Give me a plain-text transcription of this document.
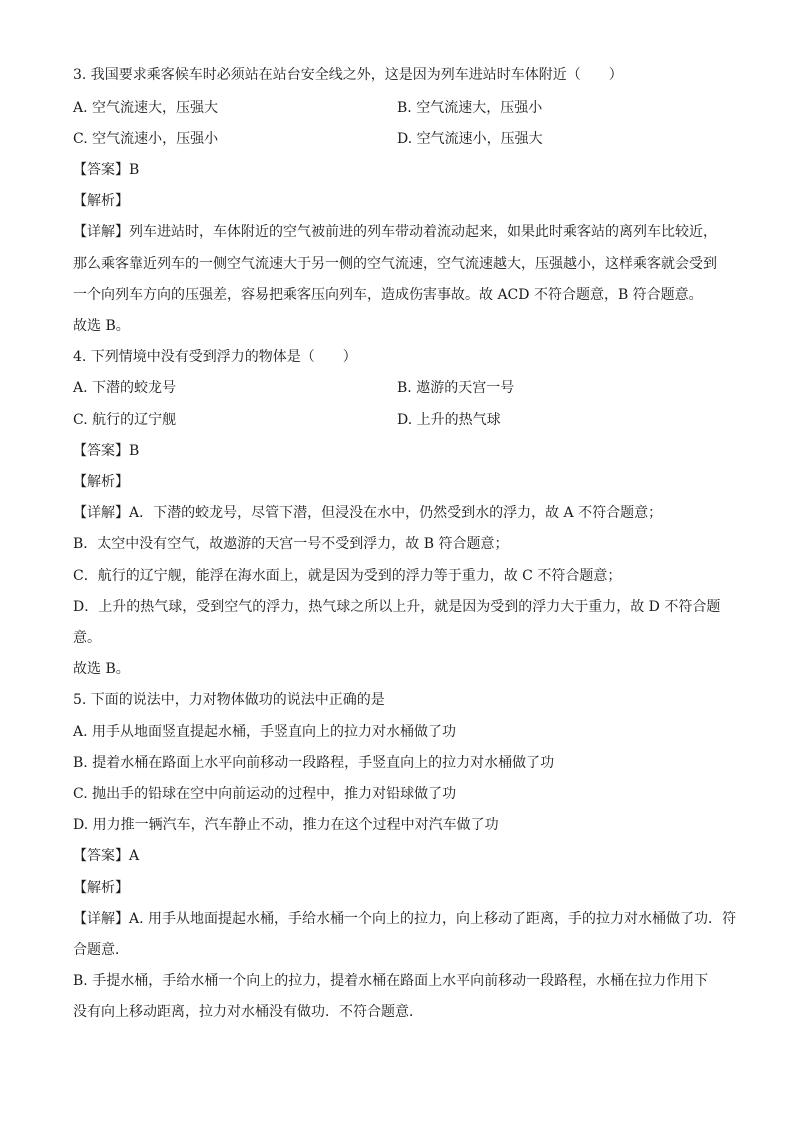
3. 我国要求乘客候车时必须站在站台安全线之外，这是因为列车进站时车体附近（　　）
A. 空气流速大，压强大	B. 空气流速大，压强小
C. 空气流速小，压强小	D. 空气流速小，压强大
【答案】B
【解析】
【详解】列车进站时，车体附近的空气被前进的列车带动着流动起来，如果此时乘客站的离列车比较近，
那么乘客靠近列车的一侧空气流速大于另一侧的空气流速，空气流速越大，压强越小，这样乘客就会受到
一个向列车方向的压强差，容易把乘客压向列车，造成伤害事故。故 ACD 不符合题意，B 符合题意。
故选 B。
4. 下列情境中没有受到浮力的物体是（　　）
A. 下潜的蛟龙号	B. 遨游的天宫一号
C. 航行的辽宁舰	D. 上升的热气球
【答案】B
【解析】
【详解】A．下潜的蛟龙号，尽管下潜，但浸没在水中，仍然受到水的浮力，故 A 不符合题意；
B．太空中没有空气，故遨游的天宫一号不受到浮力，故 B 符合题意；
C．航行的辽宁舰，能浮在海水面上，就是因为受到的浮力等于重力，故 C 不符合题意；
D．上升的热气球，受到空气的浮力，热气球之所以上升，就是因为受到的浮力大于重力，故 D 不符合题
意。
故选 B。
5. 下面的说法中，力对物体做功的说法中正确的是
A. 用手从地面竖直提起水桶，手竖直向上的拉力对水桶做了功
B. 提着水桶在路面上水平向前移动一段路程，手竖直向上的拉力对水桶做了功
C. 抛出手的铅球在空中向前运动的过程中，推力对铅球做了功
D. 用力推一辆汽车，汽车静止不动，推力在这个过程中对汽车做了功
【答案】A
【解析】
【详解】A. 用手从地面提起水桶，手给水桶一个向上的拉力，向上移动了距离，手的拉力对水桶做了功．符
合题意．
B. 手提水桶，手给水桶一个向上的拉力，提着水桶在路面上水平向前移动一段路程，水桶在拉力作用下
没有向上移动距离，拉力对水桶没有做功．不符合题意．
